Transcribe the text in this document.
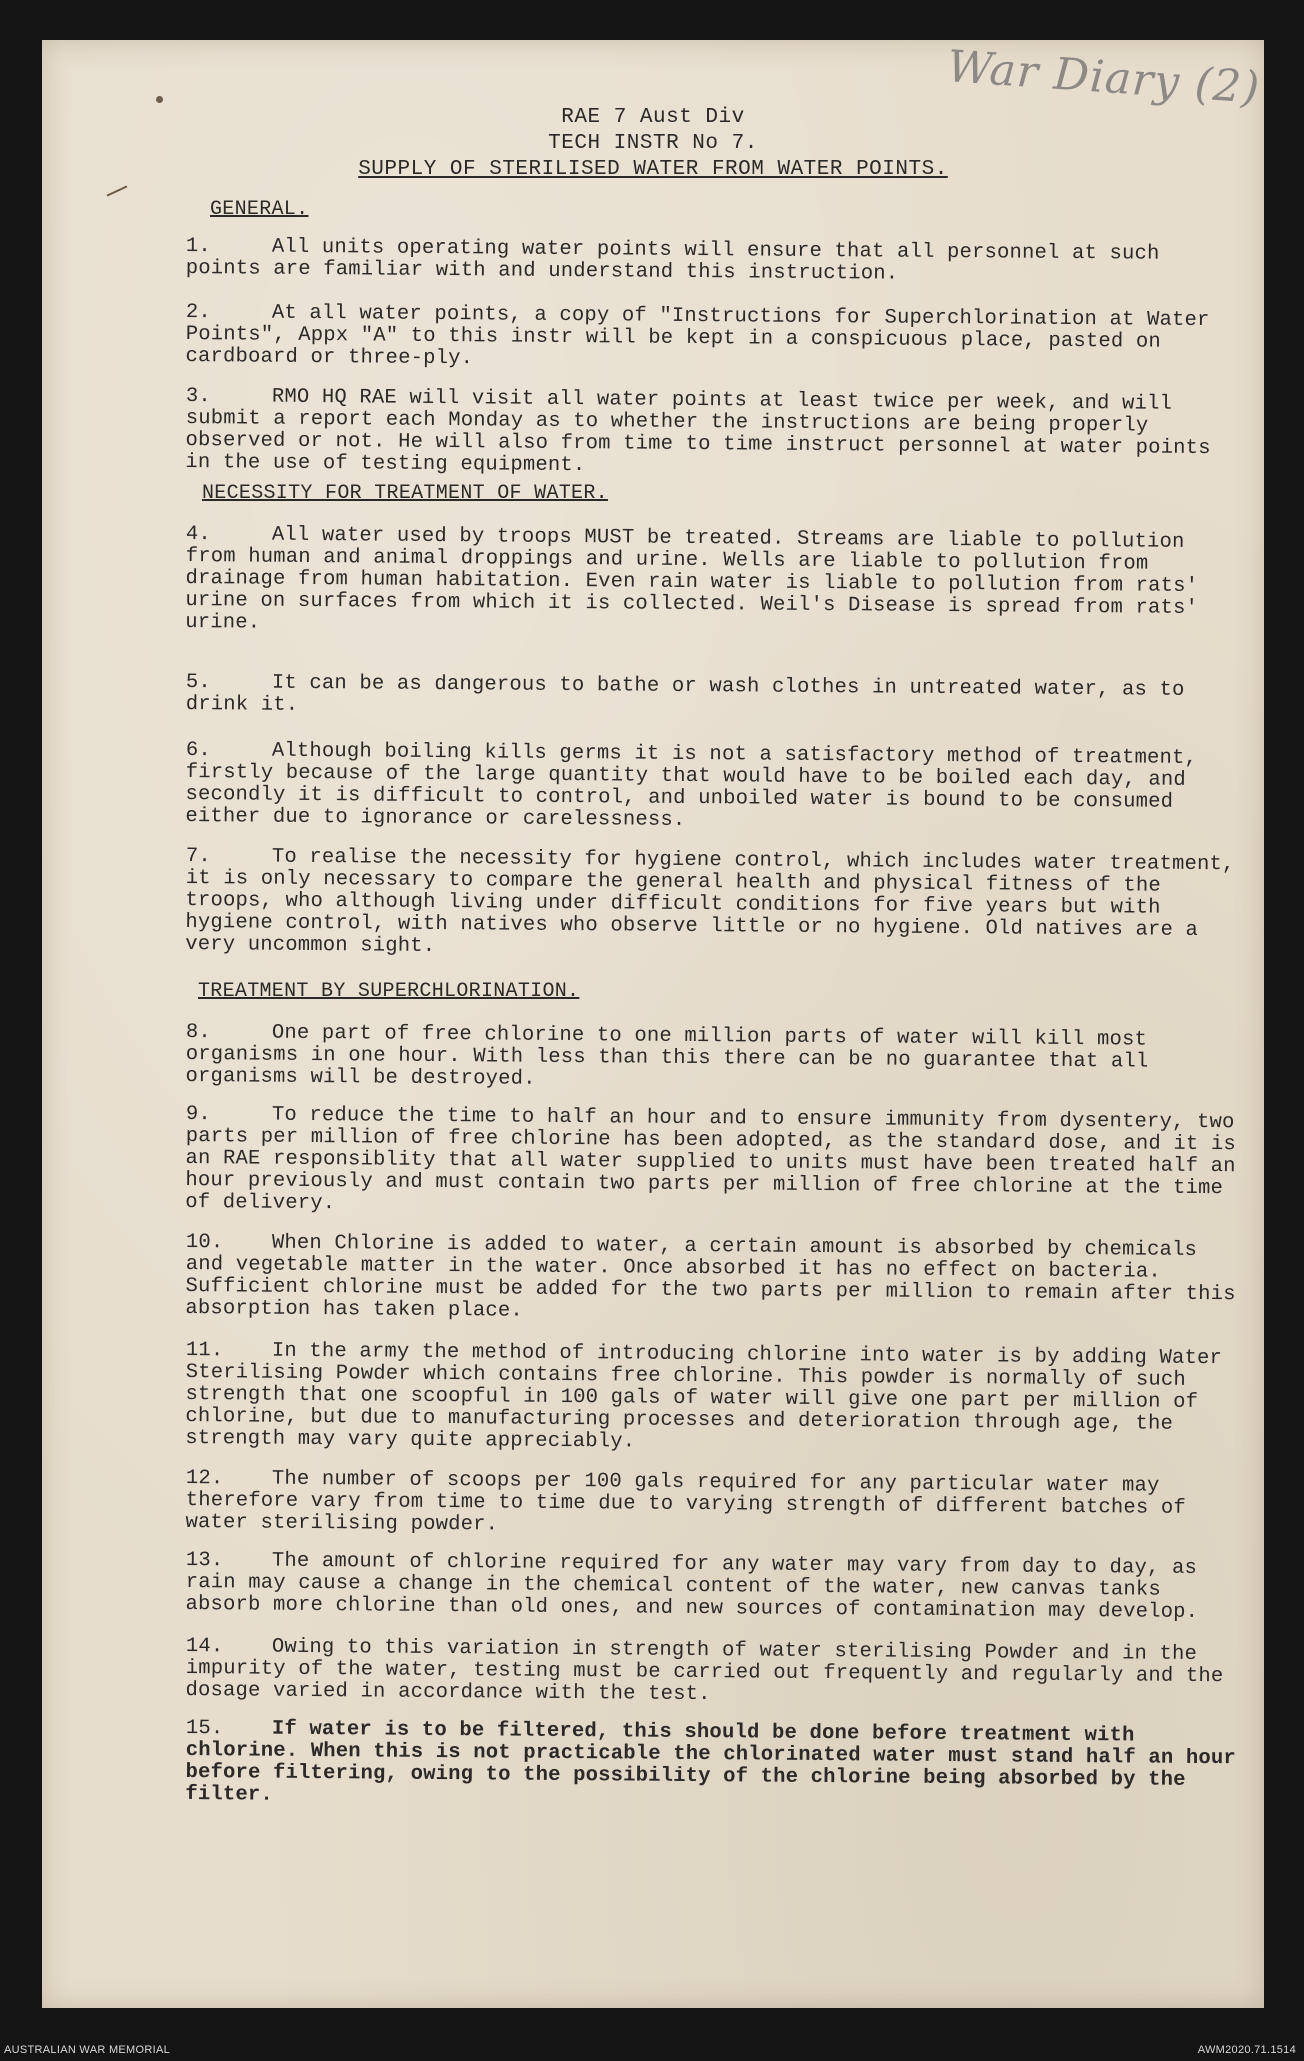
War Diary (2)
RAE 7 Aust Div
TECH INSTR No 7.
SUPPLY OF STERILISED WATER FROM WATER POINTS.
GENERAL.
1.	All units operating water points will ensure that all personnel at such points are familiar with and understand this instruction.
2.	At all water points, a copy of "Instructions for Superchlorination at Water Points", Appx "A" to this instr will be kept in a conspicuous place, pasted on cardboard or three-ply.
3.	RMO HQ RAE will visit all water points at least twice per week, and will submit a report each Monday as to whether the instructions are being properly observed or not. He will also from time to time instruct personnel at water points in the use of testing equipment.
NECESSITY FOR TREATMENT OF WATER.
4.	All water used by troops MUST be treated. Streams are liable to pollution from human and animal droppings and urine. Wells are liable to pollution from drainage from human habitation. Even rain water is liable to pollution from rats' urine on surfaces from which it is collected. Weil's Disease is spread from rats' urine.
5.	It can be as dangerous to bathe or wash clothes in untreated water, as to drink it.
6.	Although boiling kills germs it is not a satisfactory method of treatment, firstly because of the large quantity that would have to be boiled each day, and secondly it is difficult to control, and unboiled water is bound to be consumed either due to ignorance or carelessness.
7.	To realise the necessity for hygiene control, which includes water treatment, it is only necessary to compare the general health and physical fitness of the troops, who although living under difficult conditions for five years but with hygiene control, with natives who observe little or no hygiene. Old natives are a very uncommon sight.
TREATMENT BY SUPERCHLORINATION.
8.	One part of free chlorine to one million parts of water will kill most organisms in one hour. With less than this there can be no guarantee that all organisms will be destroyed.
9.	To reduce the time to half an hour and to ensure immunity from dysentery, two parts per million of free chlorine has been adopted, as the standard dose, and it is an RAE responsiblity that all water supplied to units must have been treated half an hour previously and must contain two parts per million of free chlorine at the time of delivery.
10. When Chlorine is added to water, a certain amount is absorbed by chemicals and vegetable matter in the water. Once absorbed it has no effect on bacteria. Sufficient chlorine must be added for the two parts per million to remain after this absorption has taken place.
11. In the army the method of introducing chlorine into water is by adding Water Sterilising Powder which contains free chlorine. This powder is normally of such strength that one scoopful in 100 gals of water will give one part per million of chlorine, but due to manufacturing processes and deterioration through age, the strength may vary quite appreciably.
12. The number of scoops per 100 gals required for any particular water may therefore vary from time to time due to varying strength of different batches of water sterilising powder.
13. The amount of chlorine required for any water may vary from day to day, as rain may cause a change in the chemical content of the water, new canvas tanks absorb more chlorine than old ones, and new sources of contamination may develop.
14. Owing to this variation in strength of water sterilising Powder and in the impurity of the water, testing must be carried out frequently and regularly and the dosage varied in accordance with the test.
15. If water is to be filtered, this should be done before treatment with chlorine. When this is not practicable the chlorinated water must stand half an hour before filtering, owing to the possibility of the chlorine being absorbed by the filter.
AUSTRALIAN WAR MEMORIAL	AWM2020.71.1514
